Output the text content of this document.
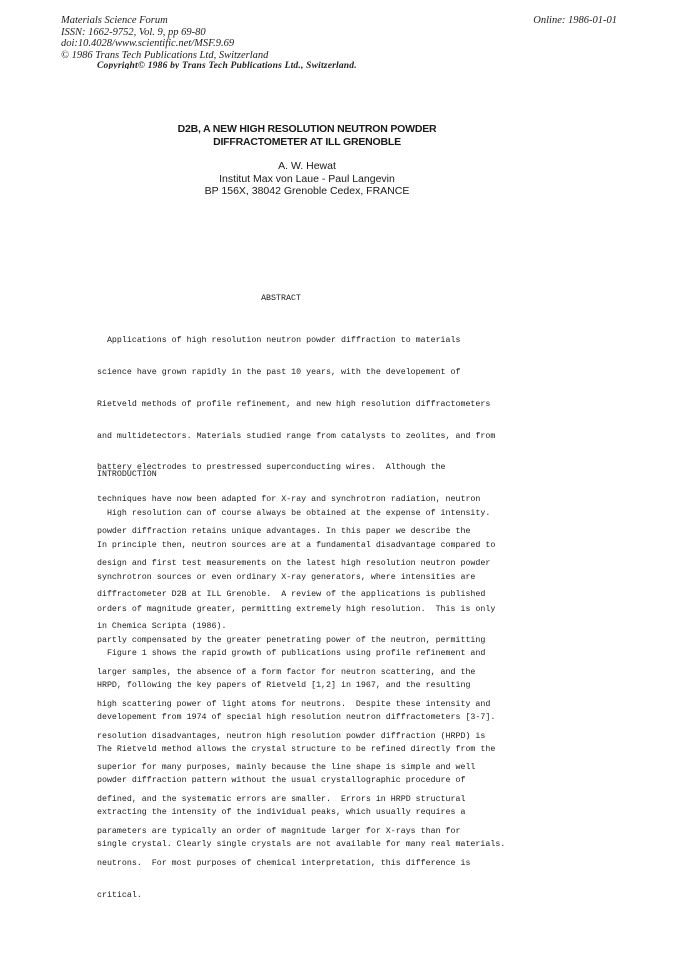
Materials Science Forum
ISSN: 1662-9752, Vol. 9, pp 69-80
doi:10.4028/www.scientific.net/MSF.9.69
© 1986 Trans Tech Publications Ltd, Switzerland
Online: 1986-01-01
Copyright© 1986 by Trans Tech Publications Ltd., Switzerland.
D2B, A NEW HIGH RESOLUTION NEUTRON POWDER
DIFFRACTOMETER AT ILL GRENOBLE
A. W. Hewat
Institut Max von Laue - Paul Langevin
BP 156X, 38042 Grenoble Cedex, FRANCE
ABSTRACT

Applications of high resolution neutron powder diffraction to materials

science have grown rapidly in the past 10 years, with the developement of

Rietveld methods of profile refinement, and new high resolution diffractometers

and multidetectors. Materials studied range from catalysts to zeolites, and from

battery electrodes to prestressed superconducting wires.  Although the

techniques have now been adapted for X-ray and synchrotron radiation, neutron

powder diffraction retains unique advantages. In this paper we describe the

design and first test measurements on the latest high resolution neutron powder

diffractometer D2B at ILL Grenoble.  A review of the applications is published

in Chemica Scripta (1986).

INTRODUCTION

High resolution can of course always be obtained at the expense of intensity.

In principle then, neutron sources are at a fundamental disadvantage compared to

synchrotron sources or even ordinary X-ray generators, where intensities are

orders of magnitude greater, permitting extremely high resolution.  This is only

partly compensated by the greater penetrating power of the neutron, permitting

larger samples, the absence of a form factor for neutron scattering, and the

high scattering power of light atoms for neutrons.  Despite these intensity and

resolution disadvantages, neutron high resolution powder diffraction (HRPD) is

superior for many purposes, mainly because the line shape is simple and well

defined, and the systematic errors are smaller.  Errors in HRPD structural

parameters are typically an order of magnitude larger for X-rays than for

neutrons.  For most purposes of chemical interpretation, this difference is

critical.

Figure 1 shows the rapid growth of publications using profile refinement and

HRPD, following the key papers of Rietveld [1,2] in 1967, and the resulting

developement from 1974 of special high resolution neutron diffractometers [3-7].

The Rietveld method allows the crystal structure to be refined directly from the

powder diffraction pattern without the usual crystallographic procedure of

extracting the intensity of the individual peaks, which usually requires a

single crystal. Clearly single crystals are not available for many real materials.
